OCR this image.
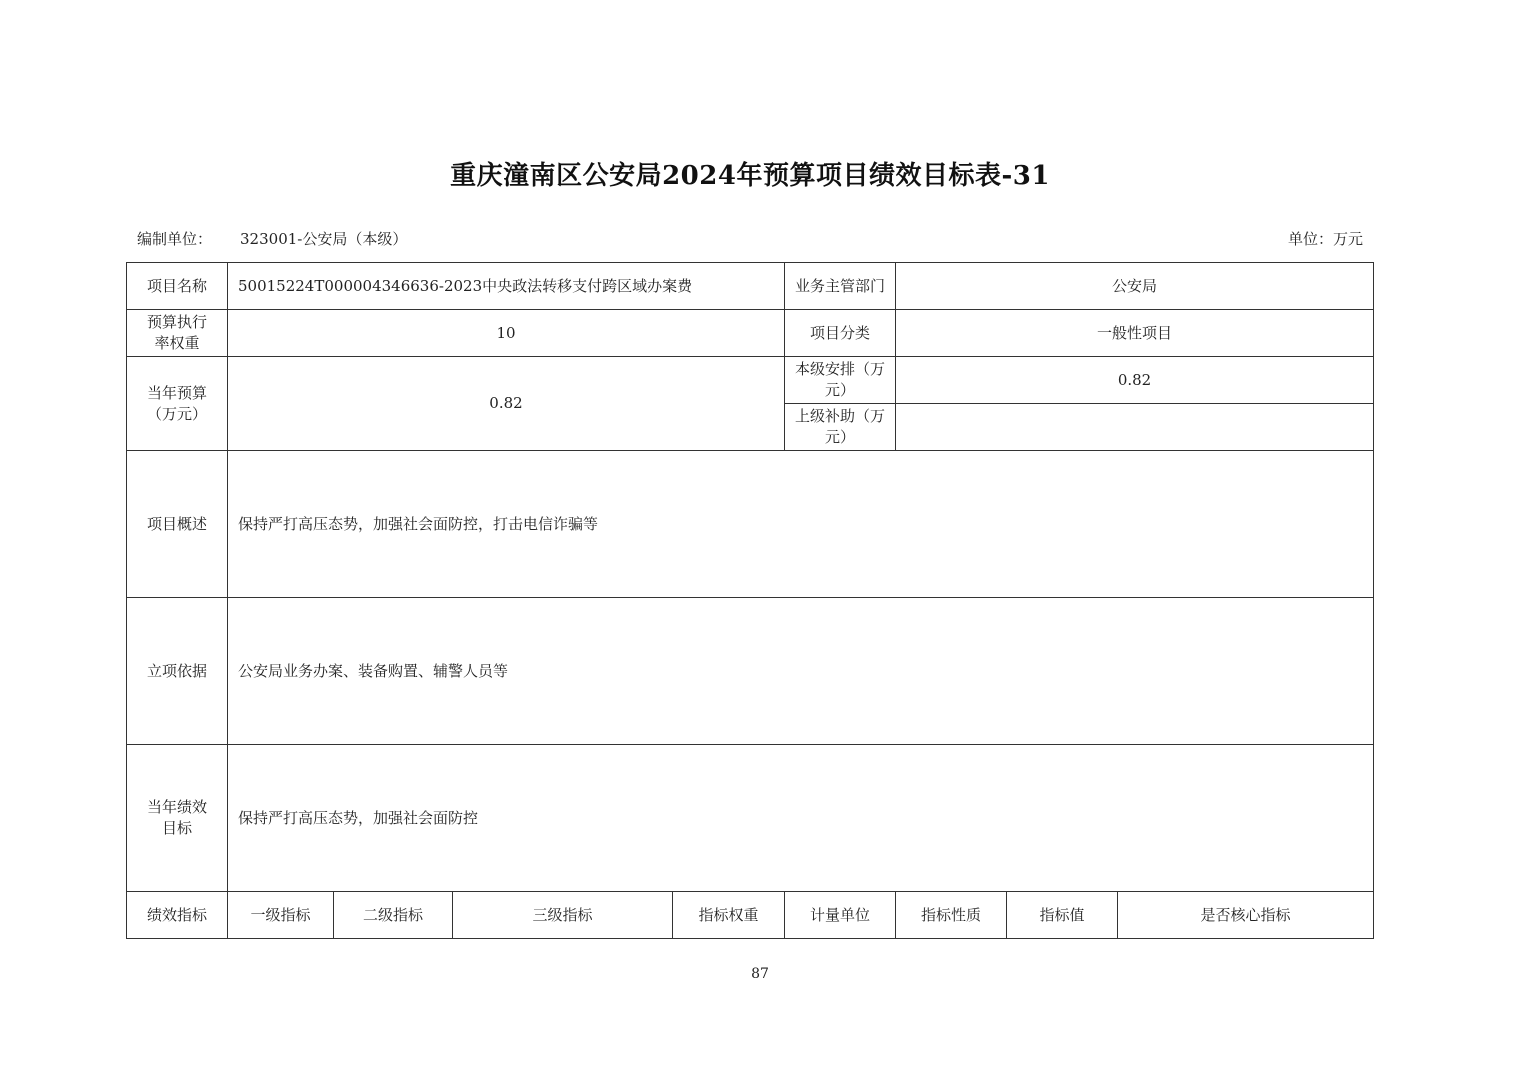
重庆潼南区公安局2024年预算项目绩效目标表-31
编制单位： 323001-公安局（本级）	单位：万元
项目名称	50015224T000004346636-2023中央政法转移支付跨区域办案费				业务主管部门	公安局		
预算执行率权重	10				项目分类	一般性项目		
当年预算（万元）	0.82				本级安排（万元）	0.82		
					上级补助（万元）			
项目概述	保持严打高压态势，加强社会面防控，打击电信诈骗等							
立项依据	公安局业务办案、装备购置、辅警人员等							
当年绩效目标	保持严打高压态势，加强社会面防控							
绩效指标	一级指标	二级指标	三级指标	指标权重	计量单位	指标性质	指标值	是否核心指标
87
